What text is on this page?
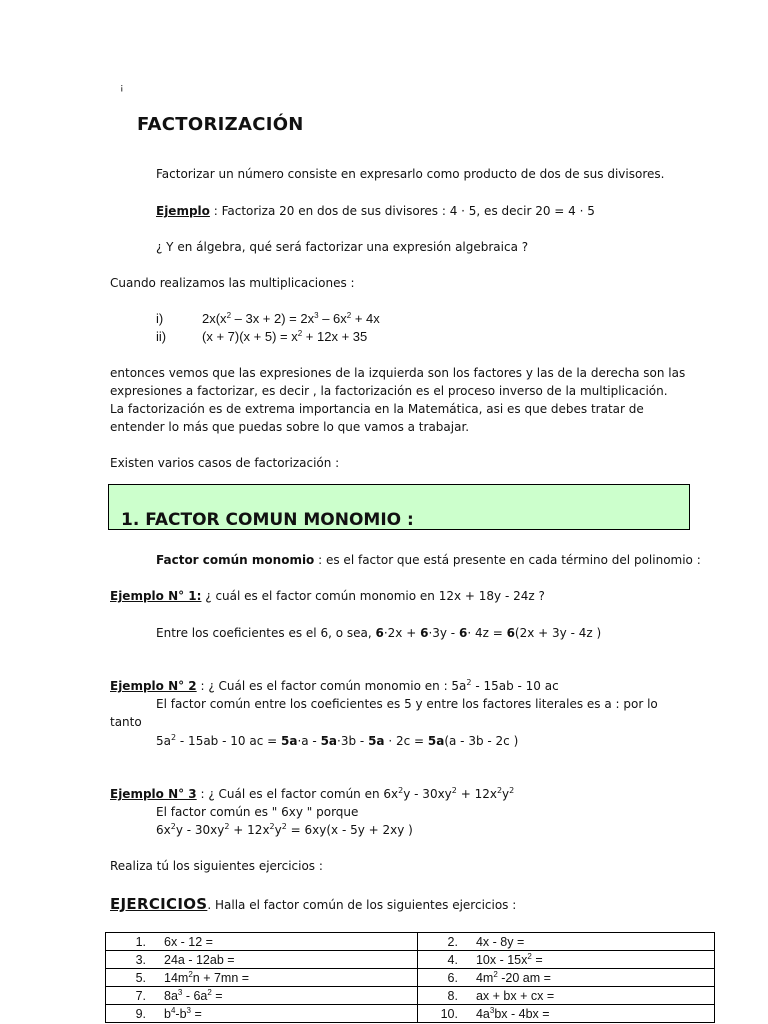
¡
FACTORIZACIÓN
Factorizar un número consiste en expresarlo como producto de dos de sus divisores.
Ejemplo : Factoriza 20 en dos de sus divisores : 4 · 5, es decir 20 = 4 · 5
¿ Y en álgebra, qué será factorizar una expresión algebraica ?
Cuando realizamos las multiplicaciones :
i)	$2x(x^2 - 3x + 2) = 2x^3 - 6x^2 + 4x$
ii)	$(x + 7)(x + 5) = x^2 + 12x + 35$
entonces vemos que las expresiones de la izquierda son los factores y las de la derecha son las
expresiones a factorizar, es decir , la factorización es el proceso inverso de la multiplicación.
La factorización es de extrema importancia en la Matemática, asi es que debes tratar de
entender lo más que puedas sobre lo que vamos a trabajar.
Existen varios casos de factorización :
1. FACTOR COMUN MONOMIO :
Factor común monomio : es el factor que está presente en cada término del polinomio :
Ejemplo N° 1: ¿ cuál es el factor común monomio en 12x + 18y - 24z ?
Entre los coeficientes es el 6, o sea, 6·2x + 6·3y - 6· 4z = 6(2x + 3y - 4z )
Ejemplo N° 2 : ¿ Cuál es el factor común monomio en : $5a^2 - 15ab - 10$ ac
El factor común entre los coeficientes es 5 y entre los factores literales es a : por lo
tanto
$5a^2 - 15ab - 10$ ac = 5a·a - 5a·3b - 5a · 2c = 5a(a - 3b - 2c )
Ejemplo N° 3 : ¿ Cuál es el factor común en $6x^2y - 30xy^2 + 12x^2y^2$
El factor común es " 6xy " porque
$6x^2y - 30xy^2 + 12x^2y^2 = 6xy(x - 5y + 2xy$ )
Realiza tú los siguientes ejercicios :
EJERCICIOS. Halla el factor común de los siguientes ejercicios :
1. 6x - 12 =	2. 4x - 8y =
3. 24a - 12ab =	4. $10x - 15x^2$ =
5. $14m^2n + 7mn$ =	6. $4m^2$ -20 am =
7. $8a^3 - 6a^2$ =	8. ax + bx + cx =
9. $b^4-b^3$ =	10. $4a^3bx - 4bx$ =
